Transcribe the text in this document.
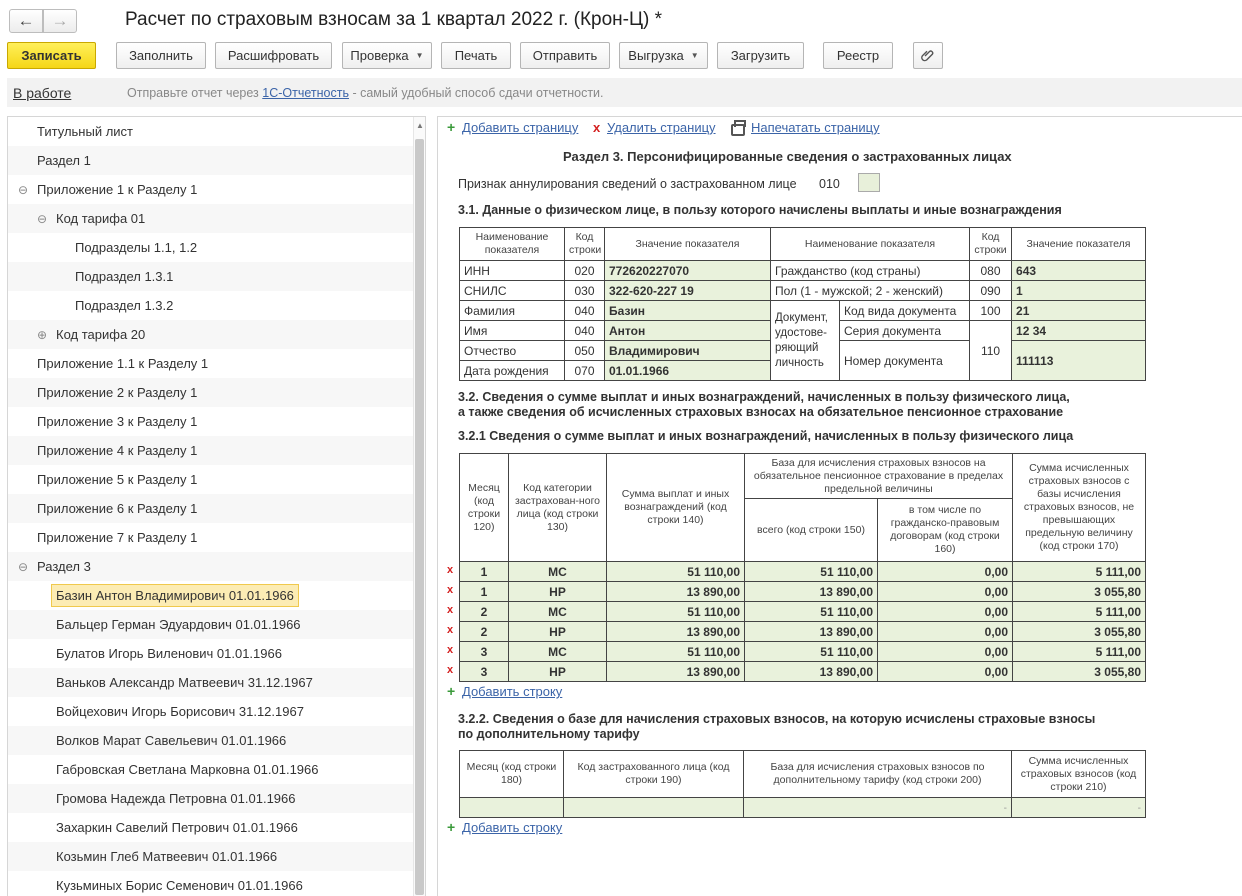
←	→	Расчет по страховым взносам за 1 квартал 2022 г. (Крон-Ц) *
Записать	Заполнить	Расшифровать	Проверка ▼	Печать	Отправить	Выгрузка ▼	Загрузить	Реестр
В работе	Отправьте отчет через 1С-Отчетность - самый удобный способ сдачи отчетности.
Титульный лист
Раздел 1
⊖ Приложение 1 к Разделу 1
⊖ Код тарифа 01
Подразделы 1.1, 1.2
Подраздел 1.3.1
Подраздел 1.3.2
⊕ Код тарифа 20
Приложение 1.1 к Разделу 1
Приложение 2 к Разделу 1
Приложение 3 к Разделу 1
Приложение 4 к Разделу 1
Приложение 5 к Разделу 1
Приложение 6 к Разделу 1
Приложение 7 к Разделу 1
⊖ Раздел 3
Базин Антон Владимирович 01.01.1966
Бальцер Герман Эдуардович 01.01.1966
Булатов Игорь Виленович 01.01.1966
Ваньков Александр Матвеевич 31.12.1967
Войцехович Игорь Борисович 31.12.1967
Волков Марат Савельевич 01.01.1966
Габровская Светлана Марковна 01.01.1966
Громова Надежда Петровна 01.01.1966
Захаркин Савелий Петрович 01.01.1966
Козьмин Глеб Матвеевич 01.01.1966
Кузьминых Борис Семенович 01.01.1966
▲ + Добавить страницу x Удалить страницу	Напечатать страницу
Раздел 3. Персонифицированные сведения о застрахованных лицах
Признак аннулирования сведений о застрахованном лице 010
3.1. Данные о физическом лице, в пользу которого начислены выплаты и иные вознаграждения
Наименование показателя	Код строки	Значение показателя	Наименование показателя		Код строки	Значение показателя
ИНН	020	772620227070	Гражданство (код страны)		080	643
СНИЛС	030	322-620-227 19	Пол (1 - мужской; 2 - женский)		090	1
Фамилия	040	Базин	Документ, удостове-ряющий личность	Код вида документа	100	21
Имя	040	Антон		Серия документа	110	12 34
Отчество	050	Владимирович		Номер документа		111113
Дата рождения	070	01.01.1966				
3.2. Сведения о сумме выплат и иных вознаграждений, начисленных в пользу физического лица,
а также сведения об исчисленных страховых взносах на обязательное пенсионное страхование
3.2.1 Сведения о сумме выплат и иных вознаграждений, начисленных в пользу физического лица
Месяц (код строки 120)	Код категории застрахован-ного лица (код строки 130)	Сумма выплат и иных вознаграждений (код строки 140)	База для исчисления страховых взносов на обязательное пенсионное страхование в пределах предельной величины		Сумма исчисленных страховых взносов с базы исчисления страховых взносов, не превышающих предельную величину (код строки 170)
			всего (код строки 150)	в том числе по гражданско-правовым договорам (код строки 160)	
1	МС	51 110,00	51 110,00	0,00	5 111,00
1	НР	13 890,00	13 890,00	0,00	3 055,80
2	МС	51 110,00	51 110,00	0,00	5 111,00
2	НР	13 890,00	13 890,00	0,00	3 055,80
3	МС	51 110,00	51 110,00	0,00	5 111,00
3	НР	13 890,00	13 890,00	0,00	3 055,80
x
x
x
x
x
x
+ Добавить строку
3.2.2. Сведения о базе для начисления страховых взносов, на которую исчислены страховые взносы
по дополнительному тарифу
Месяц (код строки 180)	Код застрахованного лица (код строки 190)	База для исчисления страховых взносов по дополнительному тарифу (код строки 200)	Сумма исчисленных страховых взносов (код строки 210)
		-	-
+ Добавить строку
